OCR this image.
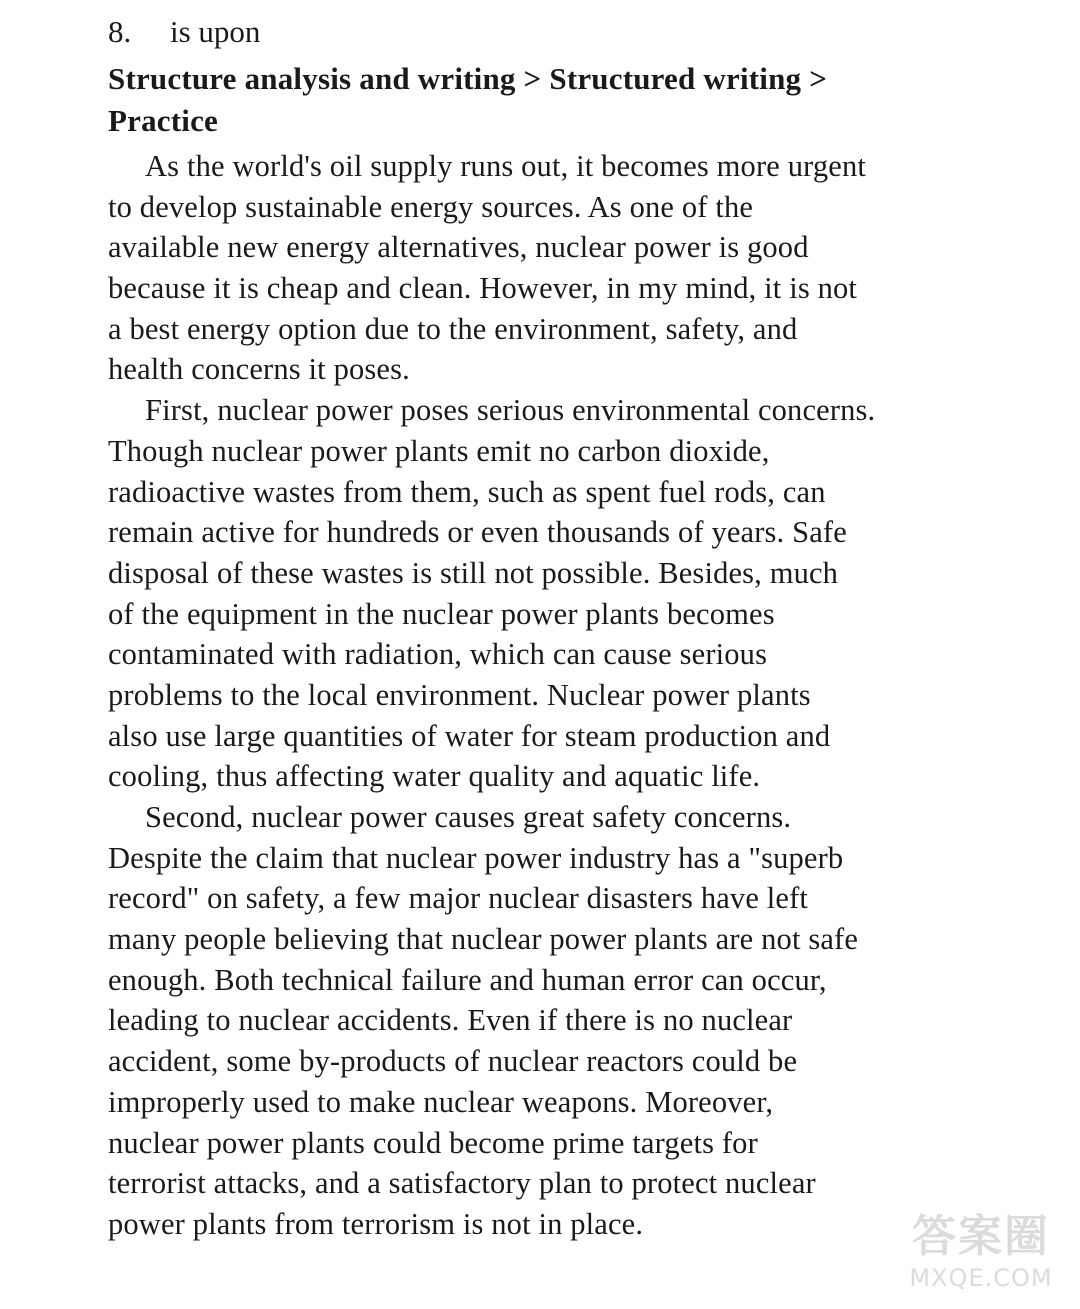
8.	is upon
Structure analysis and writing > Structured writing >
Practice
As the world's oil supply runs out, it becomes more urgent
to develop sustainable energy sources. As one of the
available new energy alternatives, nuclear power is good
because it is cheap and clean. However, in my mind, it is not
a best energy option due to the environment, safety, and
health concerns it poses.
First, nuclear power poses serious environmental concerns.
Though nuclear power plants emit no carbon dioxide,
radioactive wastes from them, such as spent fuel rods, can
remain active for hundreds or even thousands of years. Safe
disposal of these wastes is still not possible. Besides, much
of the equipment in the nuclear power plants becomes
contaminated with radiation, which can cause serious
problems to the local environment. Nuclear power plants
also use large quantities of water for steam production and
cooling, thus affecting water quality and aquatic life.
Second, nuclear power causes great safety concerns.
Despite the claim that nuclear power industry has a "superb
record" on safety, a few major nuclear disasters have left
many people believing that nuclear power plants are not safe
enough. Both technical failure and human error can occur,
leading to nuclear accidents. Even if there is no nuclear
accident, some by-products of nuclear reactors could be
improperly used to make nuclear weapons. Moreover,
nuclear power plants could become prime targets for
terrorist attacks, and a satisfactory plan to protect nuclear
power plants from terrorism is not in place.	答案圈
MXQE.COM
